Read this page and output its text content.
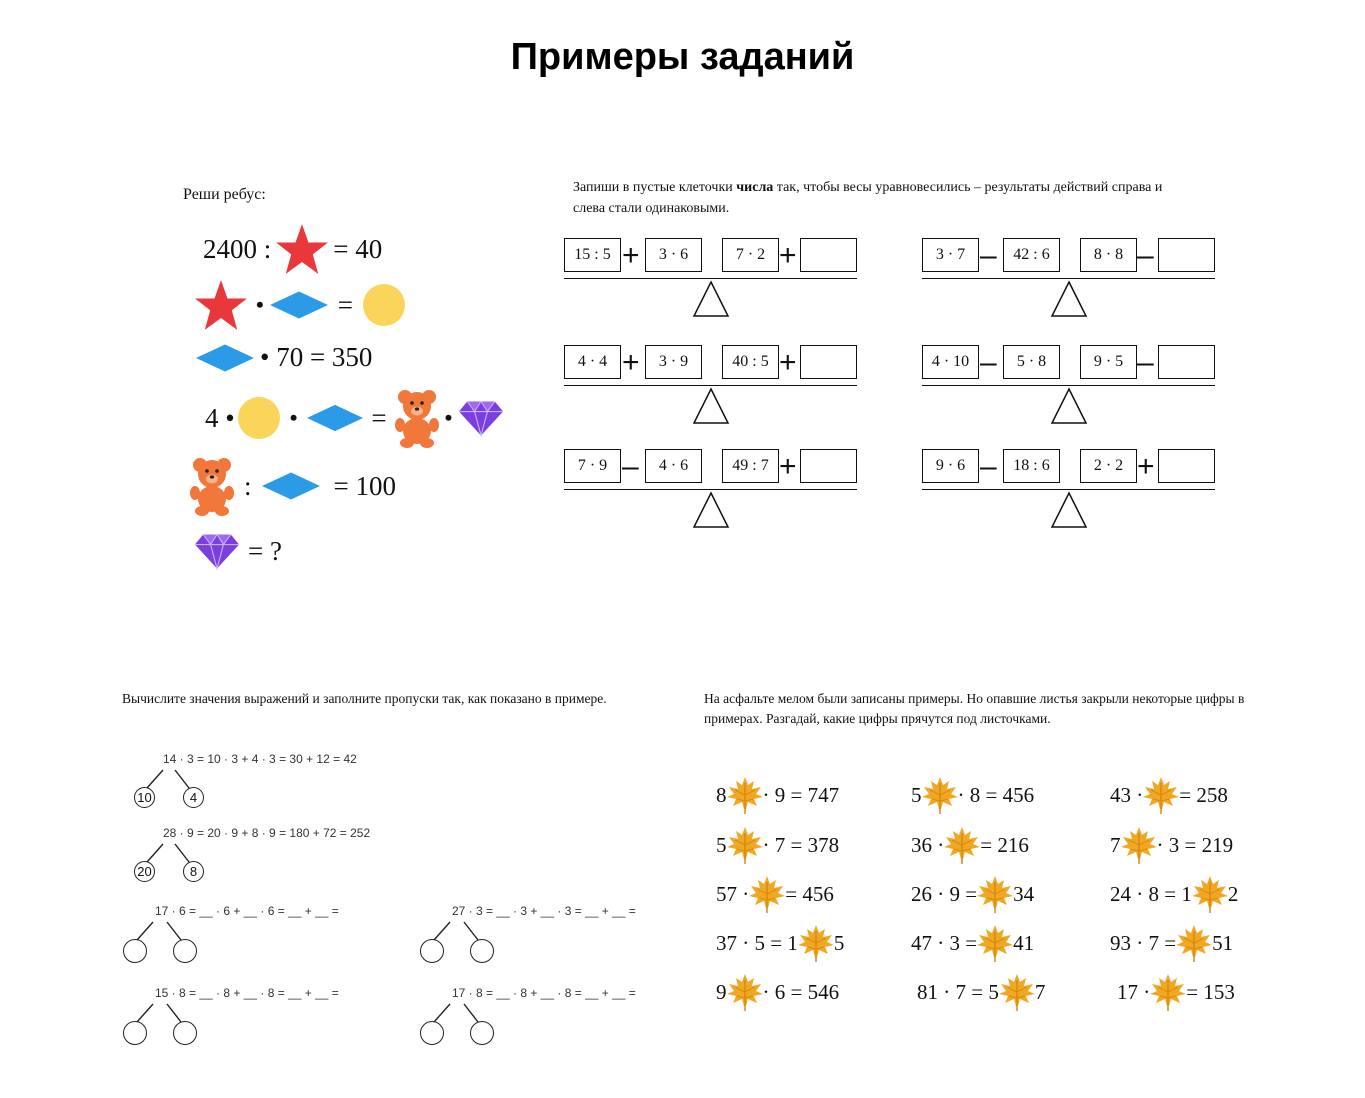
Примеры заданий
Реши ребус:
2400 : = 40
•	=
• 70 = 350
4 •	•	=	•
:	= 100
= ?
Запиши в пустые клеточки числа так, чтобы весы уравновесились – результаты действий справа и слева стали одинаковыми.
15 : 5 +	3 · 6	7 · 2 +	3 · 7 –	42 : 6	8 · 8 –
4 · 4 +	3 · 9	40 : 5 +	4 · 10 –	5 · 8	9 · 5 –
7 · 9 –	4 · 6	49 : 7 +	9 · 6 –	18 : 6	2 · 2 +
Вычислите значения выражений и заполните пропуски так, как показано в примере.
14 · 3 = 10 · 3 + 4 · 3 = 30 + 12 = 42
10	4
28 · 9 = 20 · 9 + 8 · 9 = 180 + 72 = 252
20	8
17 · 6 = __ · 6 + __ · 6 = __ + __ =	27 · 3 = __ · 3 + __ · 3 = __ + __ =
15 · 8 = __ · 8 + __ · 8 = __ + __ =	17 · 8 = __ · 8 + __ · 8 = __ + __ =
На асфальте мелом были записаны примеры. Но опавшие листья закрыли некоторые цифры в примерах. Разгадай, какие цифры прячутся под листочками.
8 · 9 = 747	5 · 8 = 456	43 · = 258
5 · 7 = 378	36 · = 216	7 · 3 = 219
57 · = 456	26 · 9 = 34	24 · 8 = 1 2
37 · 5 = 1 5	47 · 3 = 41	93 · 7 = 51
9 · 6 = 546	81 · 7 = 5 7	17 · = 153
